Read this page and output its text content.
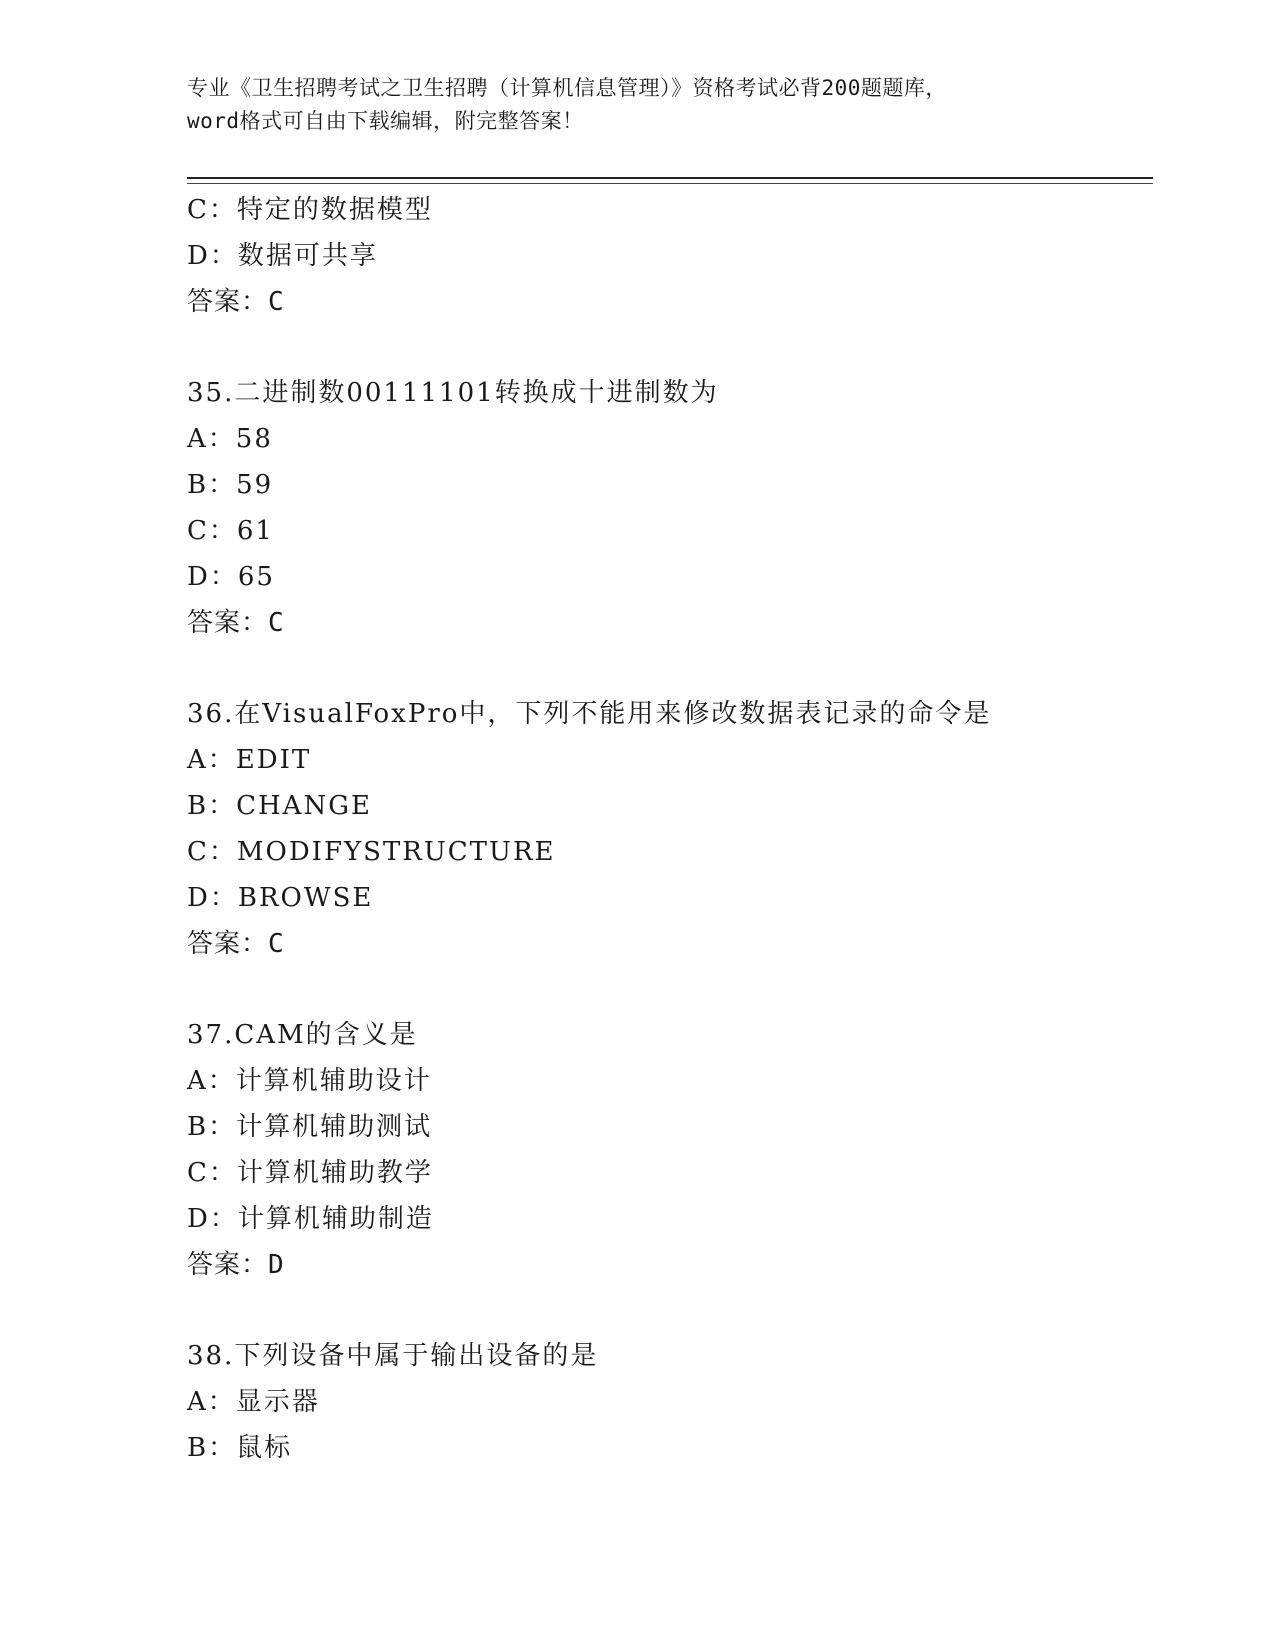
专业《卫生招聘考试之卫生招聘（计算机信息管理）》资格考试必背200题题库，
word格式可自由下载编辑，附完整答案！
C：特定的数据模型
D：数据可共享
答案：C
35.二进制数00111101转换成十进制数为
A：58
B：59
C：61
D：65
答案：C
36.在VisualFoxPro中，下列不能用来修改数据表记录的命令是
A：EDIT
B：CHANGE
C：MODIFYSTRUCTURE
D：BROWSE
答案：C
37.CAM的含义是
A：计算机辅助设计
B：计算机辅助测试
C：计算机辅助教学
D：计算机辅助制造
答案：D
38.下列设备中属于输出设备的是
A：显示器
B：鼠标
